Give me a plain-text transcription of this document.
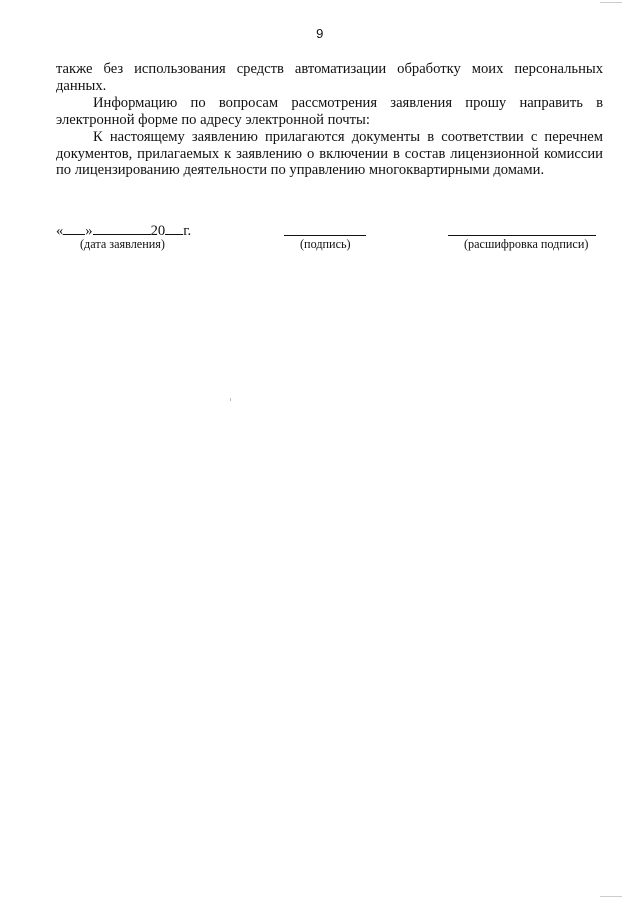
9

также без использования средств автоматизации обработку моих персональных данных.

Информацию по вопросам рассмотрения заявления прошу направить в электронной форме по адресу электронной почты:

К настоящему заявлению прилагаются документы в соответствии с перечнем документов, прилагаемых к заявлению о включении в состав лицензионной комиссии по лицензированию деятельности по управлению многоквартирными домами.

« »	20 г.
(дата заявления)	(подпись)	(расшифровка подписи)
